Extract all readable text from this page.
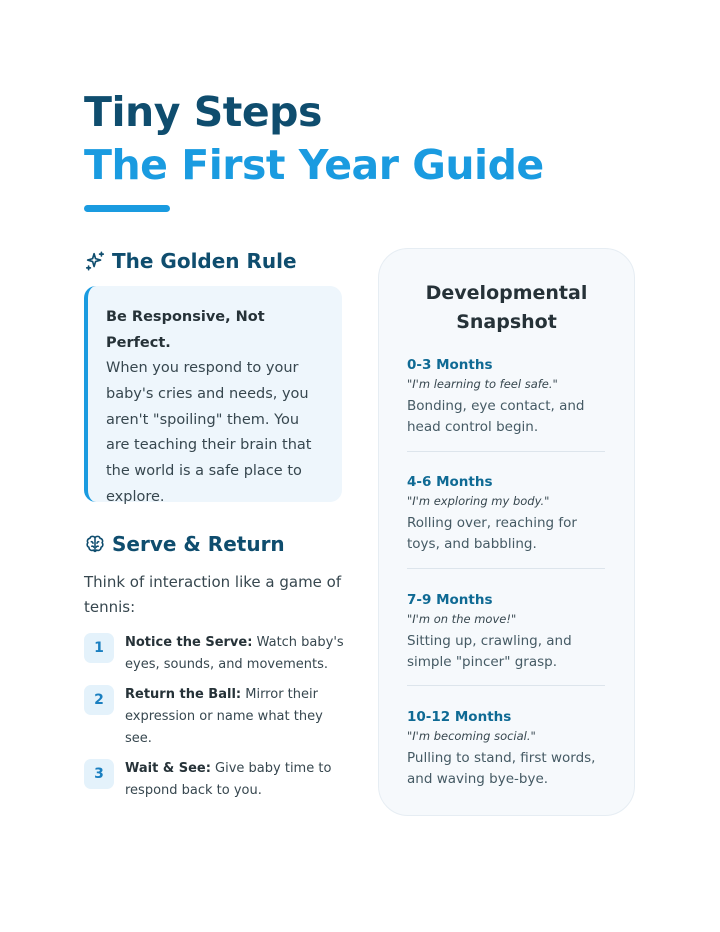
Tiny Steps
The First Year Guide
The Golden Rule
Be Responsive, Not Perfect.
When you respond to your baby's cries and needs, you aren't "spoiling" them. You are teaching their brain that the world is a safe place to explore.
Serve & Return
Think of interaction like a game of tennis:
1	Notice the Serve: Watch baby's eyes, sounds, and movements.
2	Return the Ball: Mirror their expression or name what they see.
3	Wait & See: Give baby time to respond back to you.
Developmental
Snapshot
0-3 Months
"I'm learning to feel safe."
Bonding, eye contact, and head control begin.
4-6 Months
"I'm exploring my body."
Rolling over, reaching for toys, and babbling.
7-9 Months
"I'm on the move!"
Sitting up, crawling, and simple "pincer" grasp.
10-12 Months
"I'm becoming social."
Pulling to stand, first words, and waving bye-bye.
